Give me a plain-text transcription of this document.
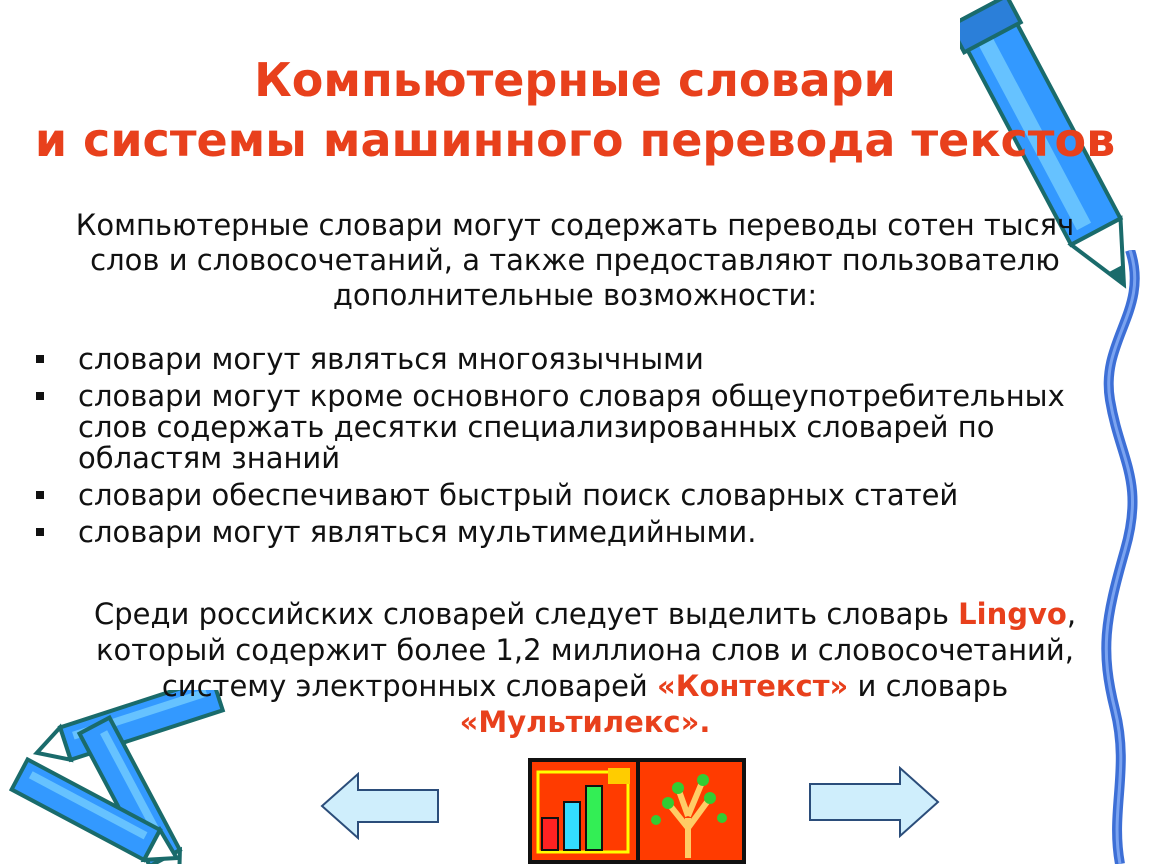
Компьютерные словари
и системы машинного перевода текстов
Компьютерные словари могут содержать переводы сотен тысяч слов и словосочетаний, а также предоставляют пользователю дополнительные возможности:
словари могут являться многоязычными
словари могут кроме основного словаря общеупотребительных слов содержать десятки специализированных словарей по областям знаний
словари обеспечивают быстрый поиск словарных статей
словари могут являться мультимедийными.
Среди российских словарей следует выделить словарь Lingvo, который содержит более 1,2 миллиона слов и словосочетаний, систему электронных словарей «Контекст» и словарь «Мультилекс».
